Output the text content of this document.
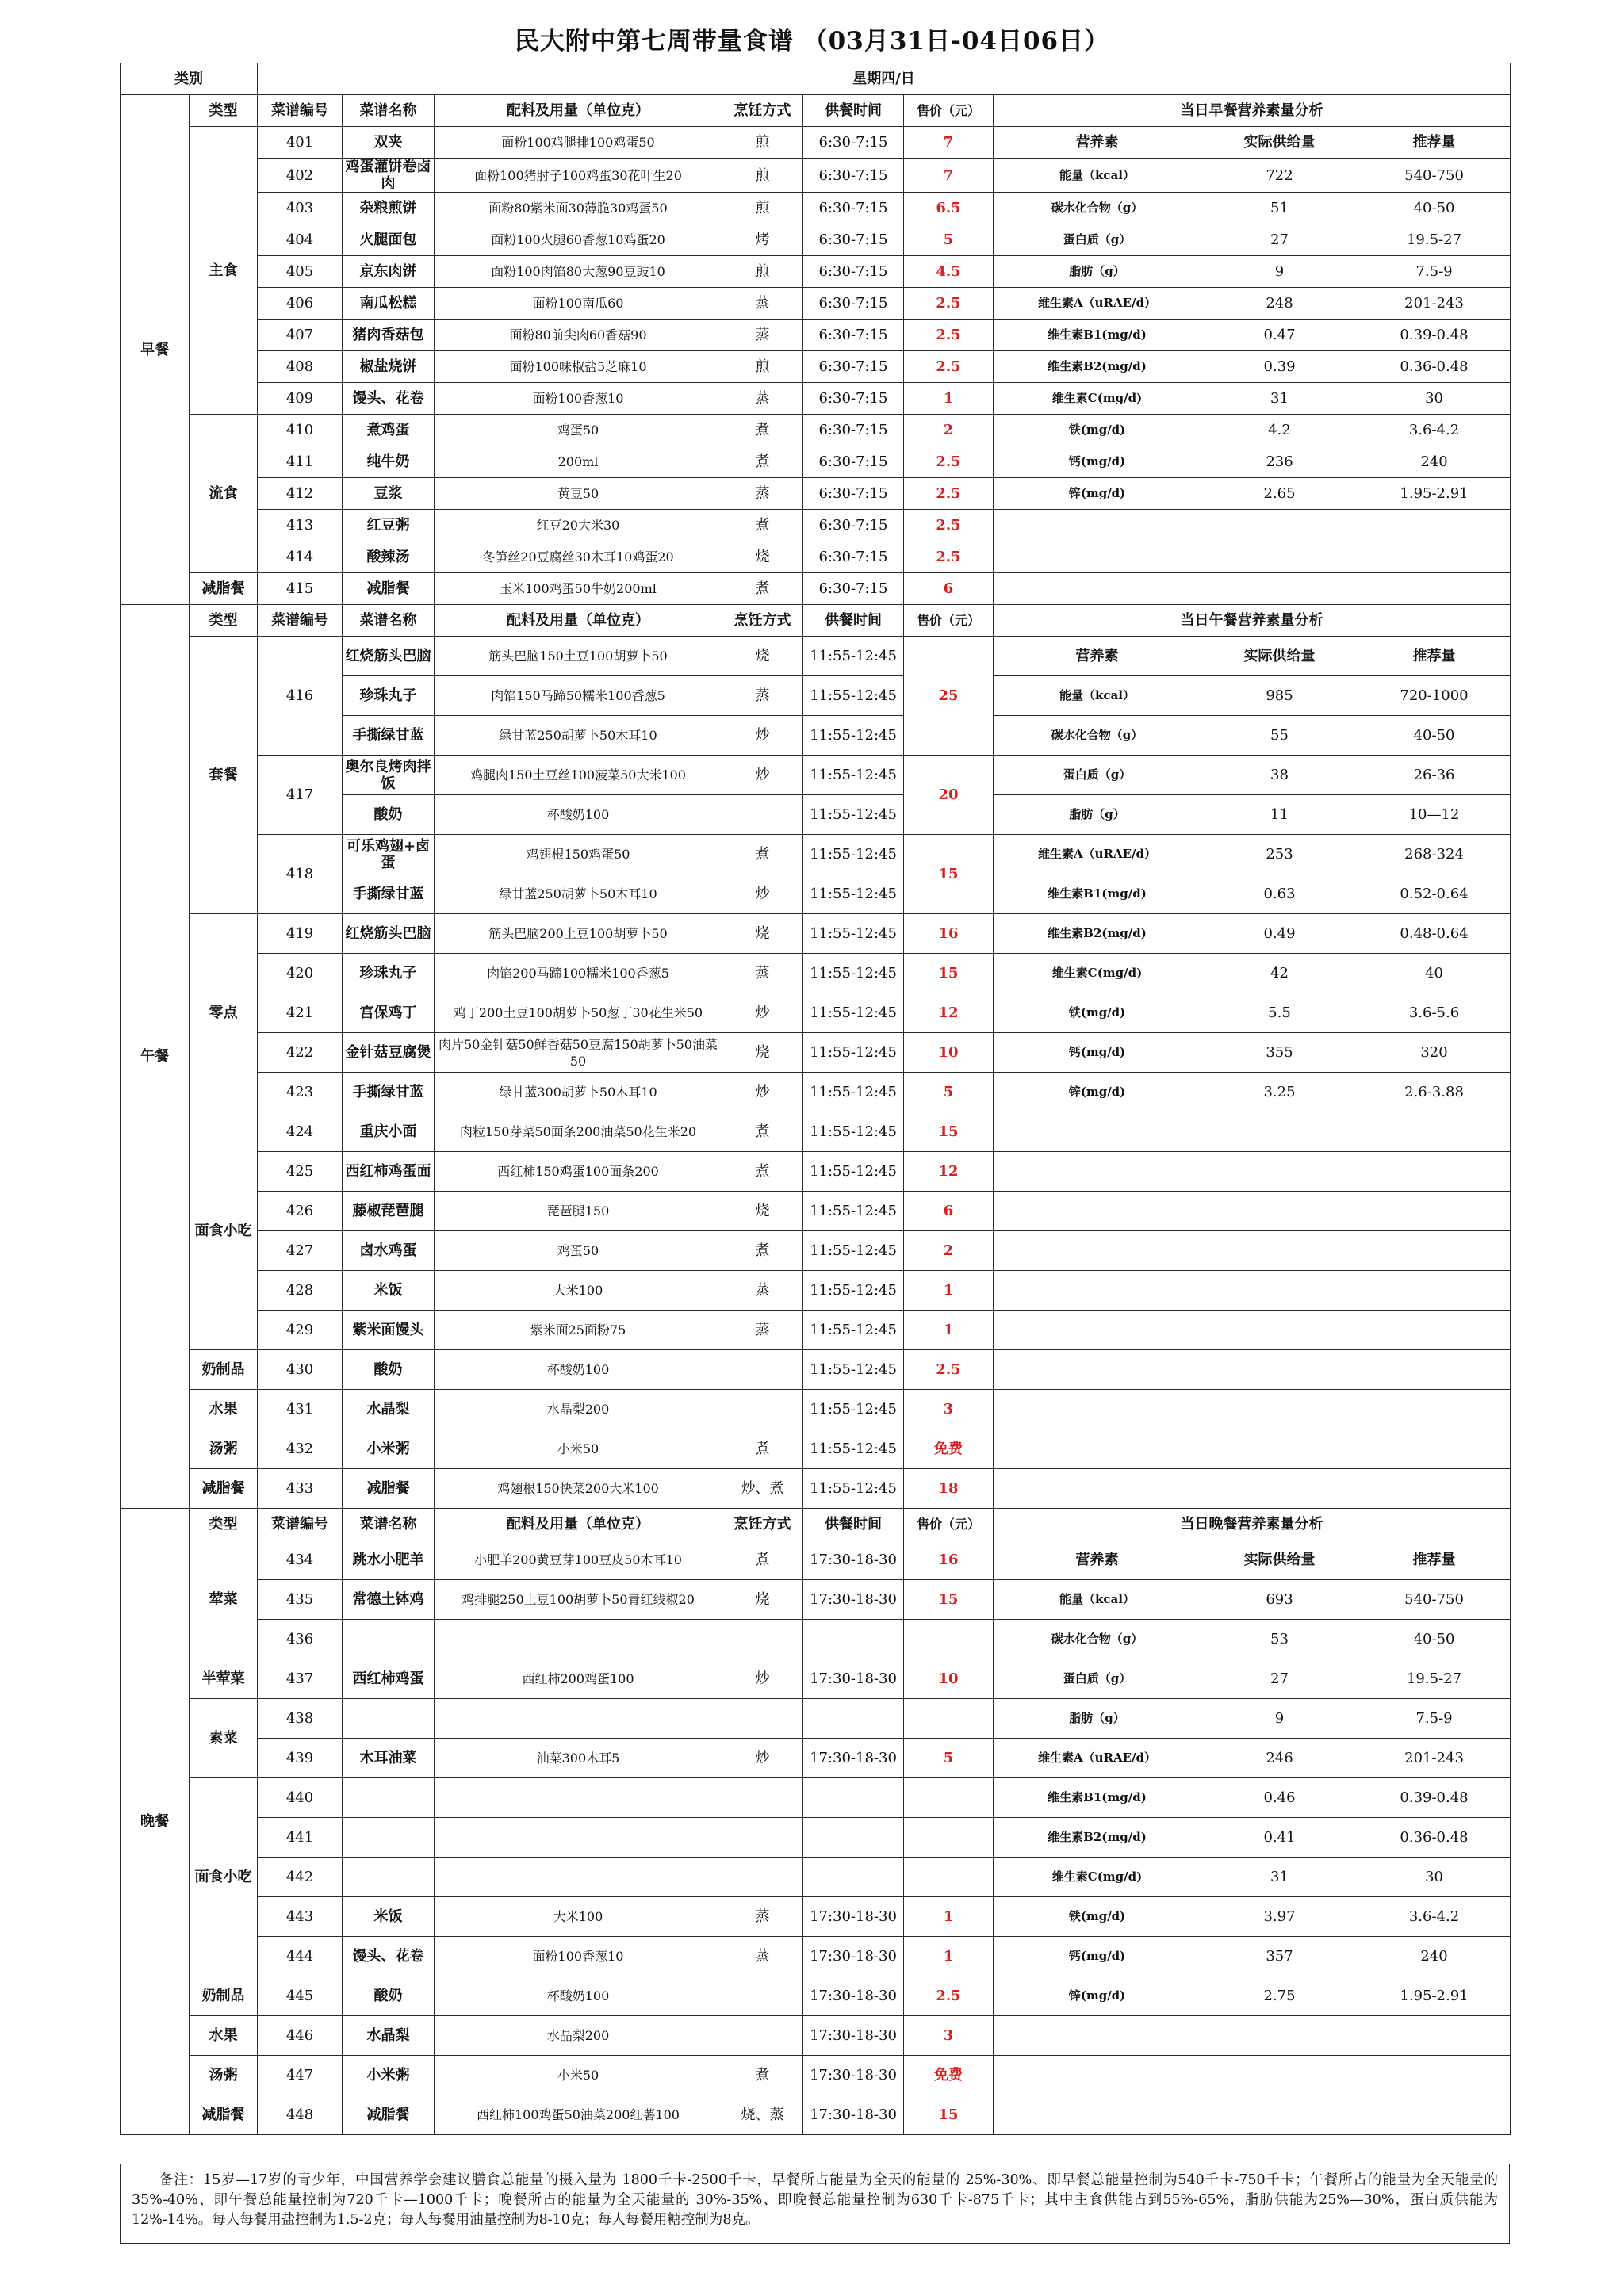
民大附中第七周带量食谱 （03月31日-04日06日）
类别		星期四/日								
早餐	类型	菜谱编号	菜谱名称	配料及用量（单位克）	烹饪方式	供餐时间	售价（元）	当日早餐营养素量分析		
	主食	401	双夹	面粉100鸡腿排100鸡蛋50	煎	6:30-7:15	7	营养素	实际供给量	推荐量
		402	鸡蛋灌饼卷卤肉	面粉100猪肘子100鸡蛋30花叶生20	煎	6:30-7:15	7	能量（kcal）	722	540-750
		403	杂粮煎饼	面粉80紫米面30薄脆30鸡蛋50	煎	6:30-7:15	6.5	碳水化合物（g）	51	40-50
		404	火腿面包	面粉100火腿60香葱10鸡蛋20	烤	6:30-7:15	5	蛋白质（g）	27	19.5-27
		405	京东肉饼	面粉100肉馅80大葱90豆豉10	煎	6:30-7:15	4.5	脂肪（g）	9	7.5-9
		406	南瓜松糕	面粉100南瓜60	蒸	6:30-7:15	2.5	维生素A（uRAE/d）	248	201-243
		407	猪肉香菇包	面粉80前尖肉60香菇90	蒸	6:30-7:15	2.5	维生素B1(mg/d)	0.47	0.39-0.48
		408	椒盐烧饼	面粉100味椒盐5芝麻10	煎	6:30-7:15	2.5	维生素B2(mg/d)	0.39	0.36-0.48
		409	馒头、花卷	面粉100香葱10	蒸	6:30-7:15	1	维生素C(mg/d)	31	30
	流食	410	煮鸡蛋	鸡蛋50	煮	6:30-7:15	2	铁(mg/d)	4.2	3.6-4.2
		411	纯牛奶	200ml	煮	6:30-7:15	2.5	钙(mg/d)	236	240
		412	豆浆	黄豆50	蒸	6:30-7:15	2.5	锌(mg/d)	2.65	1.95-2.91
		413	红豆粥	红豆20大米30	煮	6:30-7:15	2.5			
		414	酸辣汤	冬笋丝20豆腐丝30木耳10鸡蛋20	烧	6:30-7:15	2.5			
	减脂餐	415	减脂餐	玉米100鸡蛋50牛奶200ml	煮	6:30-7:15	6			
午餐	类型	菜谱编号	菜谱名称	配料及用量（单位克）	烹饪方式	供餐时间	售价（元）	当日午餐营养素量分析		
	套餐	416	红烧筋头巴脑	筋头巴脑150土豆100胡萝卜50	烧	11:55-12:45	25	营养素	实际供给量	推荐量
			珍珠丸子	肉馅150马蹄50糯米100香葱5	蒸	11:55-12:45		能量（kcal）	985	720-1000
			手撕绿甘蓝	绿甘蓝250胡萝卜50木耳10	炒	11:55-12:45		碳水化合物（g）	55	40-50
		417	奥尔良烤肉拌饭	鸡腿肉150土豆丝100菠菜50大米100	炒	11:55-12:45	20	蛋白质（g）	38	26-36
			酸奶	杯酸奶100		11:55-12:45		脂肪（g）	11	10—12
		418	可乐鸡翅+卤蛋	鸡翅根150鸡蛋50	煮	11:55-12:45	15	维生素A（uRAE/d）	253	268-324
			手撕绿甘蓝	绿甘蓝250胡萝卜50木耳10	炒	11:55-12:45		维生素B1(mg/d)	0.63	0.52-0.64
	零点	419	红烧筋头巴脑	筋头巴脑200土豆100胡萝卜50	烧	11:55-12:45	16	维生素B2(mg/d)	0.49	0.48-0.64
		420	珍珠丸子	肉馅200马蹄100糯米100香葱5	蒸	11:55-12:45	15	维生素C(mg/d)	42	40
		421	宫保鸡丁	鸡丁200土豆100胡萝卜50葱丁30花生米50	炒	11:55-12:45	12	铁(mg/d)	5.5	3.6-5.6
		422	金针菇豆腐煲	肉片50金针菇50鲜香菇50豆腐150胡萝卜50油菜50	烧	11:55-12:45	10	钙(mg/d)	355	320
		423	手撕绿甘蓝	绿甘蓝300胡萝卜50木耳10	炒	11:55-12:45	5	锌(mg/d)	3.25	2.6-3.88
	面食小吃	424	重庆小面	肉粒150芽菜50面条200油菜50花生米20	煮	11:55-12:45	15			
		425	西红柿鸡蛋面	西红柿150鸡蛋100面条200	煮	11:55-12:45	12			
		426	藤椒琵琶腿	琵琶腿150	烧	11:55-12:45	6			
		427	卤水鸡蛋	鸡蛋50	煮	11:55-12:45	2			
		428	米饭	大米100	蒸	11:55-12:45	1			
		429	紫米面馒头	紫米面25面粉75	蒸	11:55-12:45	1			
	奶制品	430	酸奶	杯酸奶100		11:55-12:45	2.5			
	水果	431	水晶梨	水晶梨200		11:55-12:45	3			
	汤粥	432	小米粥	小米50	煮	11:55-12:45	免费			
	减脂餐	433	减脂餐	鸡翅根150快菜200大米100	炒、煮	11:55-12:45	18			
晚餐	类型	菜谱编号	菜谱名称	配料及用量（单位克）	烹饪方式	供餐时间	售价（元）	当日晚餐营养素量分析		
	荤菜	434	跳水小肥羊	小肥羊200黄豆芽100豆皮50木耳10	煮	17:30-18-30	16	营养素	实际供给量	推荐量
		435	常德土钵鸡	鸡排腿250土豆100胡萝卜50青红线椒20	烧	17:30-18-30	15	能量（kcal）	693	540-750
		436						碳水化合物（g）	53	40-50
	半荤菜	437	西红柿鸡蛋	西红柿200鸡蛋100	炒	17:30-18-30	10	蛋白质（g）	27	19.5-27
	素菜	438						脂肪（g）	9	7.5-9
		439	木耳油菜	油菜300木耳5	炒	17:30-18-30	5	维生素A（uRAE/d）	246	201-243
	面食小吃	440						维生素B1(mg/d)	0.46	0.39-0.48
		441						维生素B2(mg/d)	0.41	0.36-0.48
		442						维生素C(mg/d)	31	30
		443	米饭	大米100	蒸	17:30-18-30	1	铁(mg/d)	3.97	3.6-4.2
		444	馒头、花卷	面粉100香葱10	蒸	17:30-18-30	1	钙(mg/d)	357	240
	奶制品	445	酸奶	杯酸奶100		17:30-18-30	2.5	锌(mg/d)	2.75	1.95-2.91
	水果	446	水晶梨	水晶梨200		17:30-18-30	3			
	汤粥	447	小米粥	小米50	煮	17:30-18-30	免费			
	减脂餐	448	减脂餐	西红柿100鸡蛋50油菜200红薯100	烧、蒸	17:30-18-30	15			
备注：15岁—17岁的青少年，中国营养学会建议膳食总能量的摄入量为 1800千卡-2500千卡，早餐所占能量为全天的能量的 25%-30%、即早餐总能量控制为540千卡-750千卡；午餐所占的能量为全天能量的35%-40%、即午餐总能量控制为720千卡—1000千卡；晚餐所占的能量为全天能量的 30%-35%、即晚餐总能量控制为630千卡-875千卡；其中主食供能占到55%-65%，脂肪供能为25%—30%，蛋白质供能为12%-14%。每人每餐用盐控制为1.5-2克；每人每餐用油量控制为8-10克；每人每餐用糖控制为8克。
